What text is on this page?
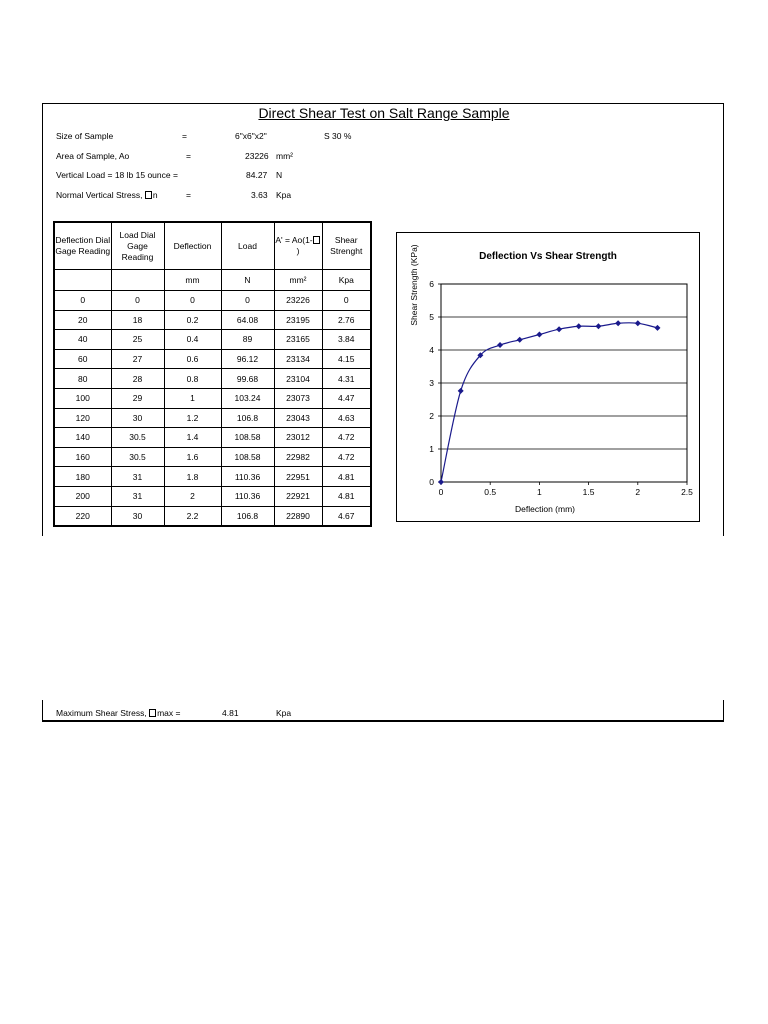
Direct Shear Test on Salt Range Sample
Size of Sample	=	6"x6"x2"	S 30 %
Area of Sample, Ao	=	23226 mm²
Vertical Load = 18 lb 15 ounce =	84.27 N
Normal Vertical Stress, n	=	3.63 Kpa
Deflection Dial Gage Reading	Load Dial Gage Reading	Deflection	Load	A' = Ao(1-)	Shear Strenght
		mm	N	mm²	Kpa
0	0	0	0	23226	0
20	18	0.2	64.08	23195	2.76
40	25	0.4	89	23165	3.84
60	27	0.6	96.12	23134	4.15
80	28	0.8	99.68	23104	4.31
100	29	1	103.24	23073	4.47
120	30	1.2	106.8	23043	4.63
140	30.5	1.4	108.58	23012	4.72
160	30.5	1.6	108.58	22982	4.72
180	31	1.8	110.36	22951	4.81
200	31	2	110.36	22921	4.81
220	30	2.2	106.8	22890	4.67
Deflection Vs Shear Strength
Deflection (mm)
Shear Strength (KPa)
0
1
2
3
4
5
6
0	0.5	1	1.5	2	2.5
Maximum Shear Stress, max =	4.81	Kpa
